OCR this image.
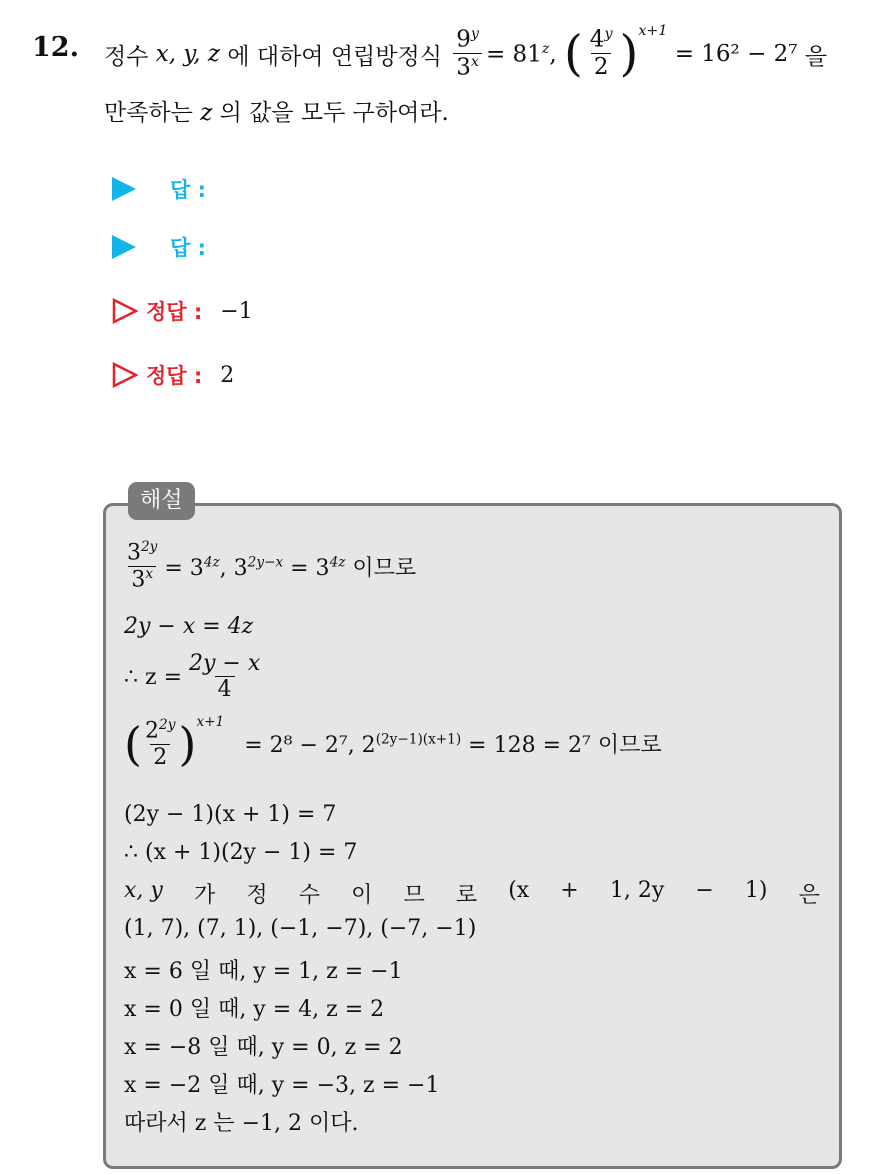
12. 정수
x, y, z
에 대하여 연립방정식
$\frac{9^y}{3^x} = 81^z$,
( $\frac{4^y}{2}$ ) x+1

= 16² − 2⁷
을
만족하는 z 의 값을 모두 구하여라.
답 :
답 :
정답 : −1
정답 : 2
해설
$\frac{3^{2y}}{3^x} = 3^{4z}$, $3^{2y-x} = 3^{4z}$ 이므로
2y − x = 4z
∴ $z = \frac{2y - x}{4}$
( $\frac{2^{2y}}{2}$ ) x+1
= 2⁸ − 2⁷, $2^{(2y-1)(x+1)} = 128 = 2^7$ 이므로
(2y − 1)(x + 1) = 7
∴ (x + 1)(2y − 1) = 7
x, y 가 정 수 이 므 로 (x + 1, 2y − 1) 은
(1, 7), (7, 1), (−1, −7), (−7, −1)
x = 6 일 때, y = 1, z = −1
x = 0 일 때, y = 4, z = 2
x = −8 일 때, y = 0, z = 2
x = −2 일 때, y = −3, z = −1
따라서 z 는 −1, 2 이다.
